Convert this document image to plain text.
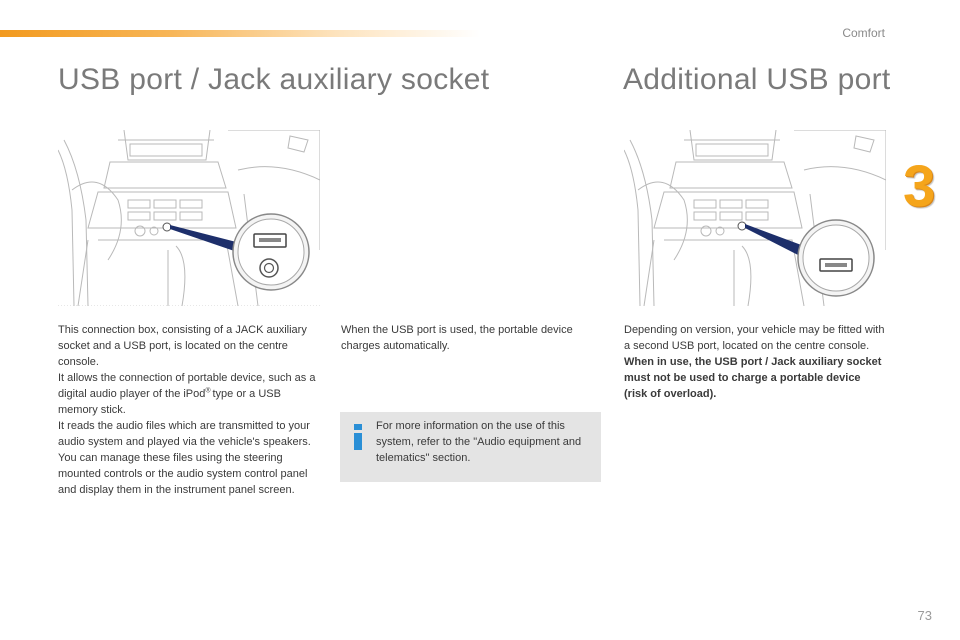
Comfort
3
USB port / Jack auxiliary socket	Additional USB port

This connection box, consisting of a JACK auxiliary socket and a USB port, is located on the centre console.

It allows the connection of portable device, such as a digital audio player of the iPod® type or a USB memory stick.

It reads the audio files which are transmitted to your audio system and played via the vehicle's speakers.

You can manage these files using the steering mounted controls or the audio system control panel and display them in the instrument panel screen.

When the USB port is used, the portable device charges automatically.

For more information on the use of this system, refer to the "Audio equipment and telematics" section.

Depending on version, your vehicle may be fitted with a second USB port, located on the centre console.

When in use, the USB port / Jack auxiliary socket must not be used to charge a portable device (risk of overload).

73
